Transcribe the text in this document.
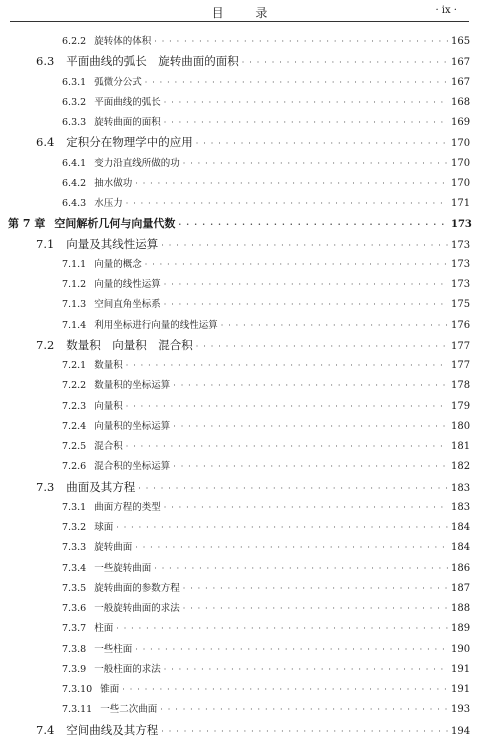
目 录	· ix ·
6.2.2 旋转体的体积 · · ·	165
6.3 平面曲线的弧长　旋转曲面的面积 · · ·	167
6.3.1 弧微分公式 · · ·	167
6.3.2 平面曲线的弧长 · · ·	168
6.3.3 旋转曲面的面积 · · ·	169
6.4 定积分在物理学中的应用 · · ·	170
6.4.1 变力沿直线所做的功 · · ·	170
6.4.2 抽水做功 · · ·	170
6.4.3 水压力 · · ·	171
第 7 章 空间解析几何与向量代数 · · ·	173
7.1 向量及其线性运算 · · ·	173
7.1.1 向量的概念 · · ·	173
7.1.2 向量的线性运算 · · ·	173
7.1.3 空间直角坐标系 · · ·	175
7.1.4 利用坐标进行向量的线性运算 · · ·	176
7.2 数量积　向量积　混合积 · · ·	177
7.2.1 数量积 · · ·	177
7.2.2 数量积的坐标运算 · · ·	178
7.2.3 向量积 · · ·	179
7.2.4 向量积的坐标运算 · · ·	180
7.2.5 混合积 · · ·	181
7.2.6 混合积的坐标运算 · · ·	182
7.3 曲面及其方程 · · ·	183
7.3.1 曲面方程的类型 · · ·	183
7.3.2 球面 · · ·	184
7.3.3 旋转曲面 · · ·	184
7.3.4 一些旋转曲面 · · ·	186
7.3.5 旋转曲面的参数方程 · · ·	187
7.3.6 一般旋转曲面的求法 · · ·	188
7.3.7 柱面 · · ·	189
7.3.8 一些柱面 · · ·	190
7.3.9 一般柱面的求法 · · ·	191
7.3.10 锥面 · · ·	191
7.3.11 一些二次曲面 · · ·	193
7.4 空间曲线及其方程 · · ·	194
